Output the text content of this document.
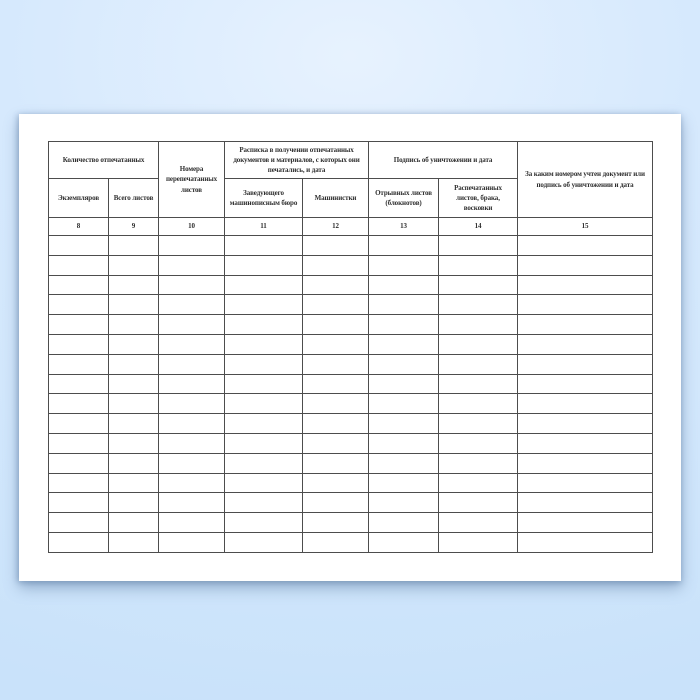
Количество отпечатанных		Номера перепечатанных листов	Расписка в получении отпечатанных документов и материалов, с которых они печатались, и дата		Подпись об уничтожении и дата		За каким номером учтен документ или подпись об уничтожении и дата
Экземпляров	Всего листов		Заведующего машинописным бюро	Машинистки	Отрывных листов (блокнотов)	Распечатанных листов, брака, восковки	
8	9	10	11	12	13	14	15
